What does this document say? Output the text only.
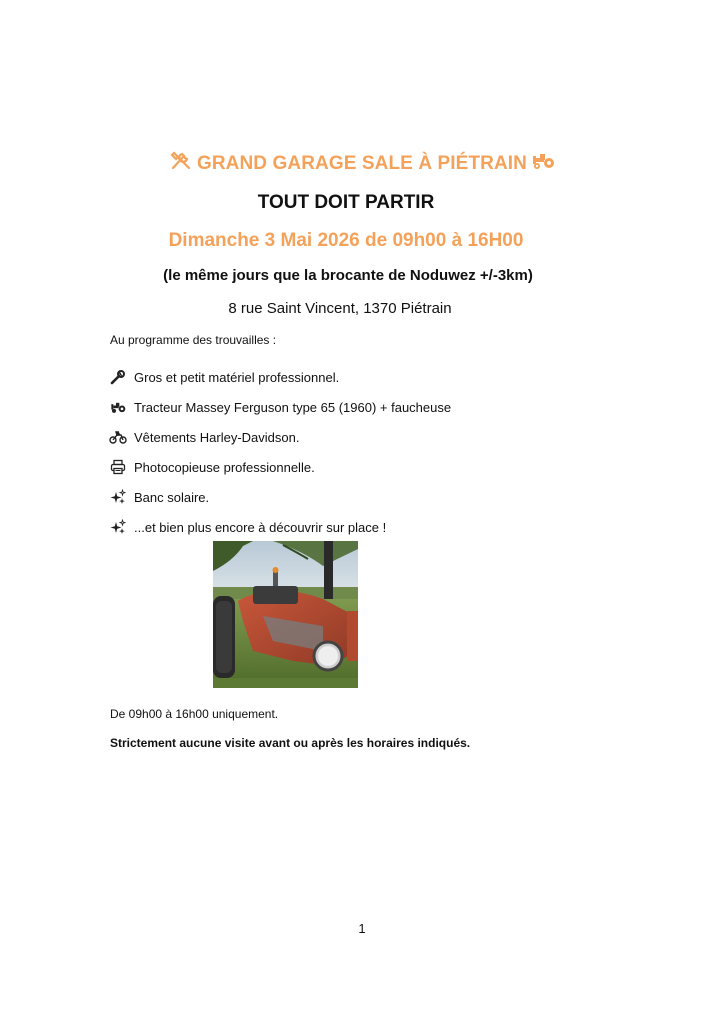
GRAND GARAGE SALE À PIÉTRAIN
TOUT DOIT PARTIR
Dimanche 3 Mai 2026 de 09h00 à 16H00
(le même jours que la brocante de Noduwez +/-3km)
8 rue Saint Vincent, 1370 Piétrain
Au programme des trouvailles :
Gros et petit matériel professionnel.
Tracteur Massey Ferguson type 65 (1960) + faucheuse
Vêtements Harley-Davidson.
Photocopieuse professionnelle.
Banc solaire.
...et bien plus encore à découvrir sur place !
De 09h00 à 16h00 uniquement.
Strictement aucune visite avant ou après les horaires indiqués.
1
